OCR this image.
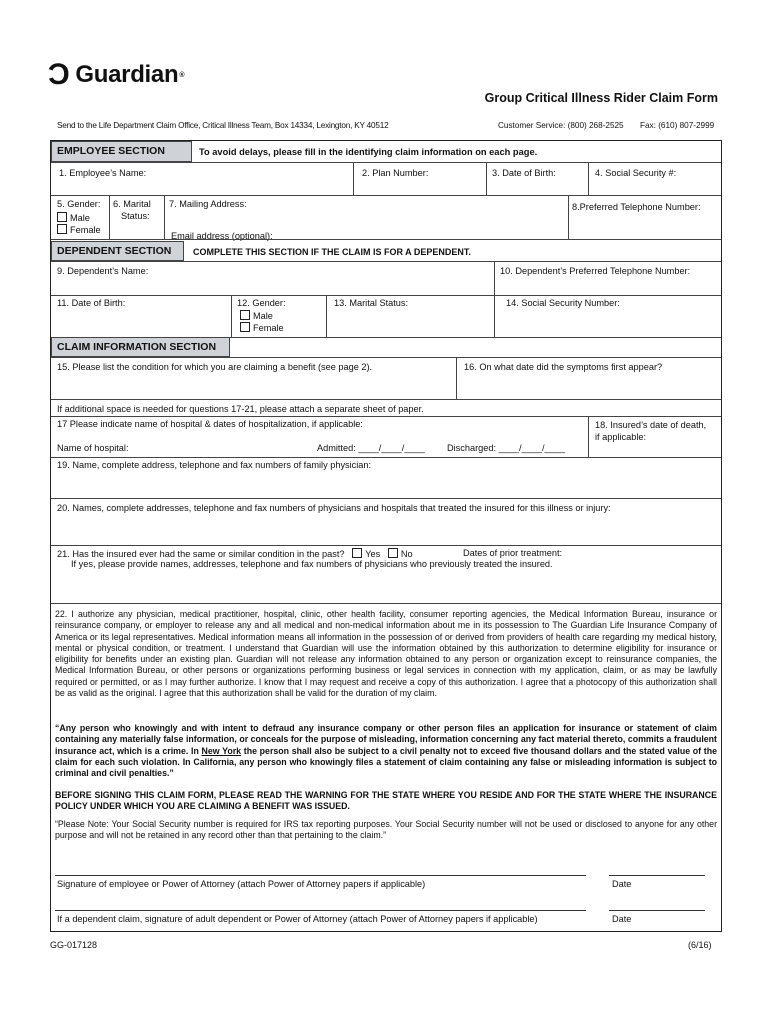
Ɔ Guardian ®
Group Critical Illness Rider Claim Form
Send to the Life Department Claim Office, Critical Illness Team, Box 14334, Lexington, KY 40512	Customer Service: (800) 268-2525 Fax: (610) 807-2999
EMPLOYEE SECTION	To avoid delays, please fill in the identifying claim information on each page.
1. Employee’s Name:	2. Plan Number:	3. Date of Birth:	4. Social Security #:
5. Gender:
Male
Female
6. Marital
Status:
7. Mailing Address:
Email address (optional):
8.Preferred Telephone Number:
DEPENDENT SECTION	COMPLETE THIS SECTION IF THE CLAIM IS FOR A DEPENDENT.
9. Dependent’s Name:	10. Dependent’s Preferred Telephone Number:
11. Date of Birth:	12. Gender:
Male
Female
13. Marital Status:	14. Social Security Number:
CLAIM INFORMATION SECTION
15. Please list the condition for which you are claiming a benefit (see page 2).	16. On what date did the symptoms first appear?
If additional space is needed for questions 17-21, please attach a separate sheet of paper.
17 Please indicate name of hospital & dates of hospitalization, if applicable:
Name of hospital:	Admitted: ____/____/____ Discharged: ____/____/____
18. Insured’s date of death,
if applicable:
19. Name, complete address, telephone and fax numbers of family physician:
20. Names, complete addresses, telephone and fax numbers of physicians and hospitals that treated the insured for this illness or injury:
21. Has the insured ever had the same or similar condition in the past? Yes No	Dates of prior treatment:
If yes, please provide names, addresses, telephone and fax numbers of physicians who previously treated the insured.
22. I authorize any physician, medical practitioner, hospital, clinic, other health facility, consumer reporting agencies, the Medical Information Bureau, insurance or reinsurance company, or employer to release any and all medical and non-medical information about me in its possession to The Guardian Life Insurance Company of America or its legal representatives. Medical information means all information in the possession of or derived from providers of health care regarding my medical history, mental or physical condition, or treatment. I understand that Guardian will use the information obtained by this authorization to determine eligibility for insurance or eligibility for benefits under an existing plan. Guardian will not release any information obtained to any person or organization except to reinsurance companies, the Medical Information Bureau, or other persons or organizations performing business or legal services in connection with my application, claim, or as may be lawfully required or permitted, or as I may further authorize. I know that I may request and receive a copy of this authorization. I agree that a photocopy of this authorization shall be as valid as the original. I agree that this authorization shall be valid for the duration of my claim.
“Any person who knowingly and with intent to defraud any insurance company or other person files an application for insurance or statement of claim containing any materially false information, or conceals for the purpose of misleading, information concerning any fact material thereto, commits a fraudulent insurance act, which is a crime. In New York the person shall also be subject to a civil penalty not to exceed five thousand dollars and the stated value of the claim for each such violation. In California, any person who knowingly files a statement of claim containing any false or misleading information is subject to criminal and civil penalties.”
BEFORE SIGNING THIS CLAIM FORM, PLEASE READ THE WARNING FOR THE STATE WHERE YOU RESIDE AND FOR THE STATE WHERE THE INSURANCE POLICY UNDER WHICH YOU ARE CLAIMING A BENEFIT WAS ISSUED.
“Please Note: Your Social Security number is required for IRS tax reporting purposes. Your Social Security number will not be used or disclosed to anyone for any other purpose and will not be retained in any record other than that pertaining to the claim.”
Signature of employee or Power of Attorney (attach Power of Attorney papers if applicable)	Date
If a dependent claim, signature of adult dependent or Power of Attorney (attach Power of Attorney papers if applicable)	Date
GG-017128	(6/16)
